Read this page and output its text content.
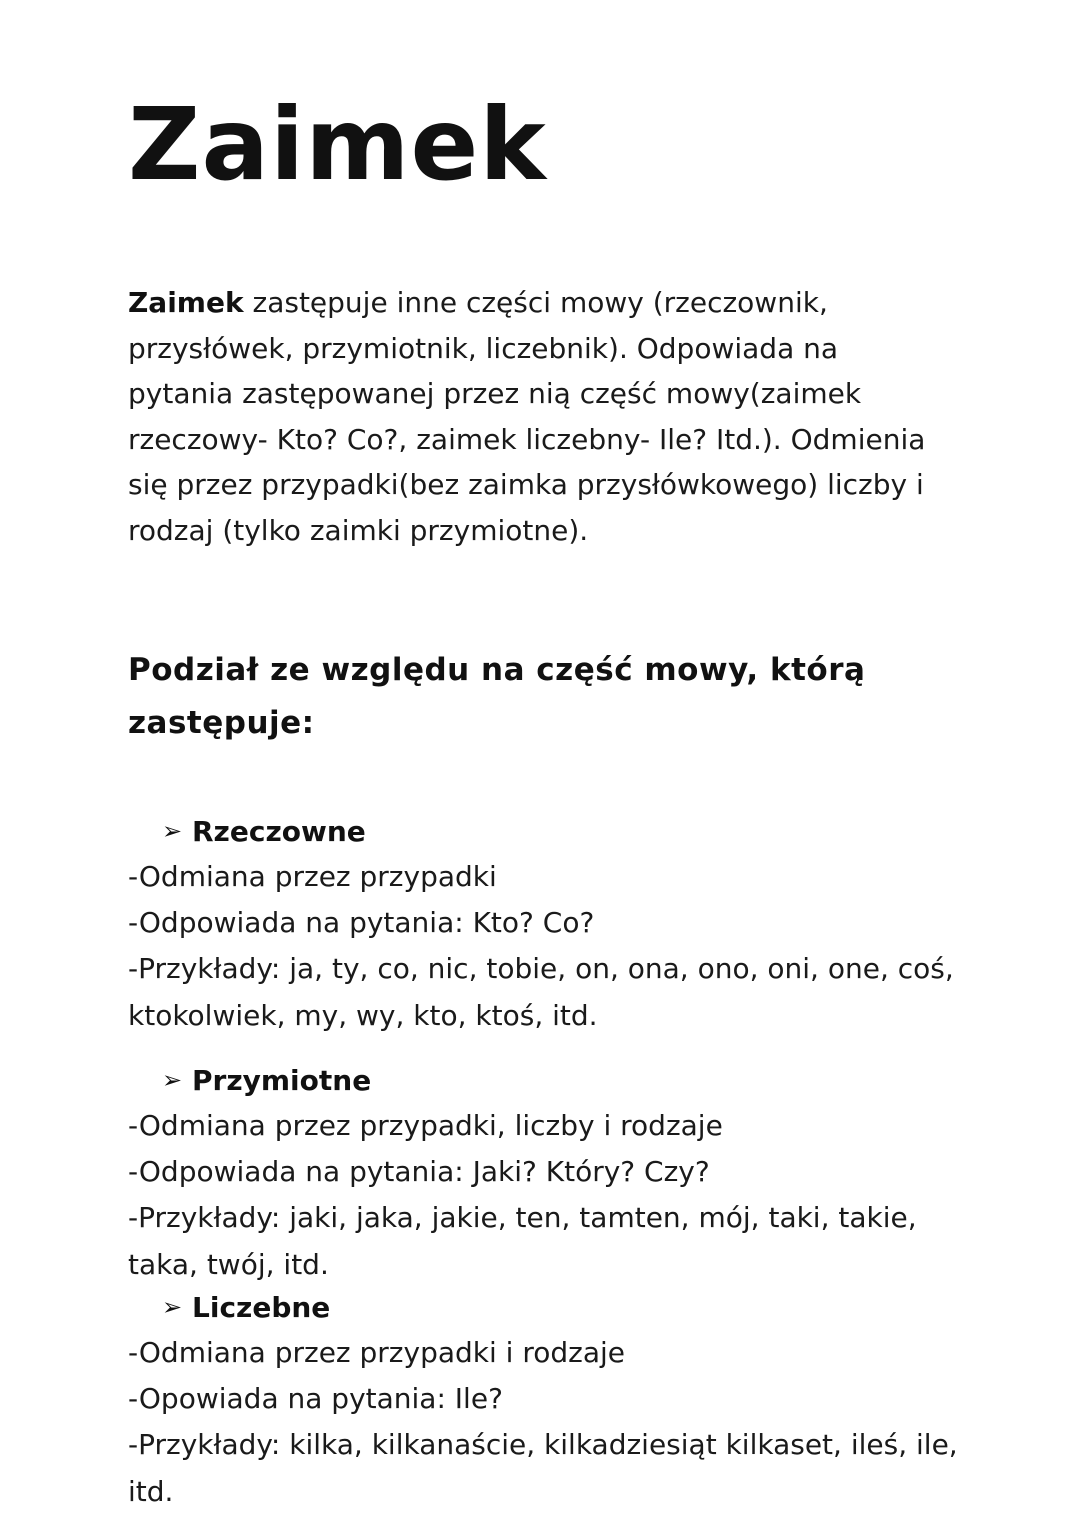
Zaimek

Zaimek zastępuje inne części mowy (rzeczownik, przysłówek, przymiotnik, liczebnik). Odpowiada na pytania zastępowanej przez nią część mowy(zaimek rzeczowy- Kto? Co?, zaimek liczebny- Ile? Itd.). Odmienia się przez przypadki(bez zaimka przysłówkowego) liczby i rodzaj (tylko zaimki przymiotne).

Podział ze względu na część mowy, którą zastępuje:
➢ Rzeczowne

-Odmiana przez przypadki

-Odpowiada na pytania: Kto? Co?

-Przykłady: ja, ty, co, nic, tobie, on, ona, ono, oni, one, coś, ktokolwiek, my, wy, kto, ktoś, itd.

➢ Przymiotne

-Odmiana przez przypadki, liczby i rodzaje

-Odpowiada na pytania: Jaki? Który? Czy?

-Przykłady: jaki, jaka, jakie, ten, tamten, mój, taki, takie, taka, twój, itd.

➢ Liczebne

-Odmiana przez przypadki i rodzaje

-Opowiada na pytania: Ile?

-Przykłady: kilka, kilkanaście, kilkadziesiąt kilkaset, ileś, ile, itd.
